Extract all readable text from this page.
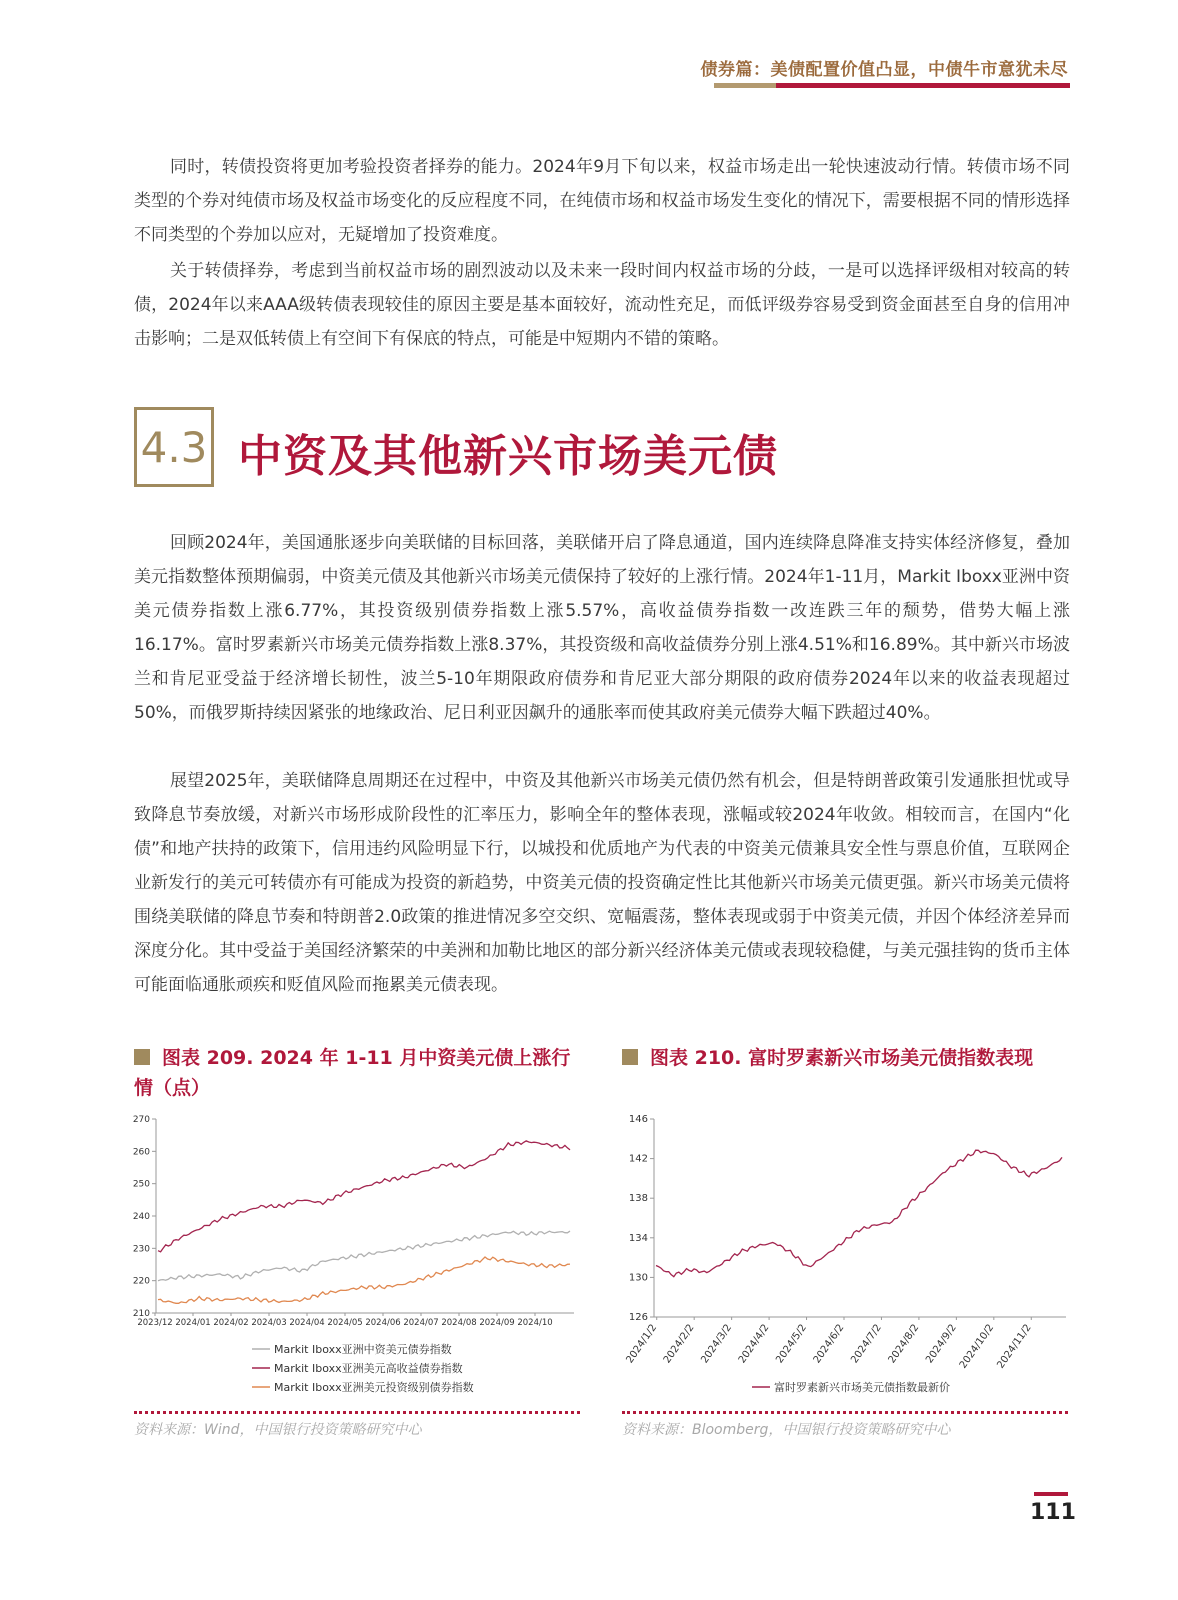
债券篇：美债配置价值凸显，中债牛市意犹未尽

同时，转债投资将更加考验投资者择券的能力。2024年9月下旬以来，权益市场走出一轮快速波动行情。转债市场不同类型的个券对纯债市场及权益市场变化的反应程度不同，在纯债市场和权益市场发生变化的情况下，需要根据不同的情形选择不同类型的个券加以应对，无疑增加了投资难度。

关于转债择券，考虑到当前权益市场的剧烈波动以及未来一段时间内权益市场的分歧，一是可以选择评级相对较高的转债，2024年以来AAA级转债表现较佳的原因主要是基本面较好，流动性充足，而低评级券容易受到资金面甚至自身的信用冲击影响；二是双低转债上有空间下有保底的特点，可能是中短期内不错的策略。

4.3 中资及其他新兴市场美元债

回顾2024年，美国通胀逐步向美联储的目标回落，美联储开启了降息通道，国内连续降息降准支持实体经济修复，叠加美元指数整体预期偏弱，中资美元债及其他新兴市场美元债保持了较好的上涨行情。2024年1-11月，Markit Iboxx亚洲中资美元债券指数上涨6.77%，其投资级别债券指数上涨5.57%，高收益债券指数一改连跌三年的颓势，借势大幅上涨16.17%。富时罗素新兴市场美元债券指数上涨8.37%，其投资级和高收益债券分别上涨4.51%和16.89%。其中新兴市场波兰和肯尼亚受益于经济增长韧性，波兰5-10年期限政府债券和肯尼亚大部分期限的政府债券2024年以来的收益表现超过50%，而俄罗斯持续因紧张的地缘政治、尼日利亚因飙升的通胀率而使其政府美元债券大幅下跌超过40%。

展望2025年，美联储降息周期还在过程中，中资及其他新兴市场美元债仍然有机会，但是特朗普政策引发通胀担忧或导致降息节奏放缓，对新兴市场形成阶段性的汇率压力，影响全年的整体表现，涨幅或较2024年收敛。相较而言，在国内“化债”和地产扶持的政策下，信用违约风险明显下行，以城投和优质地产为代表的中资美元债兼具安全性与票息价值，互联网企业新发行的美元可转债亦有可能成为投资的新趋势，中资美元债的投资确定性比其他新兴市场美元债更强。新兴市场美元债将围绕美联储的降息节奏和特朗普2.0政策的推进情况多空交织、宽幅震荡，整体表现或弱于中资美元债，并因个体经济差异而深度分化。其中受益于美国经济繁荣的中美洲和加勒比地区的部分新兴经济体美元债或表现较稳健，与美元强挂钩的货币主体可能面临通胀顽疾和贬值风险而拖累美元债表现。

图表 209. 2024 年 1-11 月中资美元债上涨行
情（点）
210
220
230
240
250
260
270
2023/12 2024/01 2024/02 2024/03 2024/04 2024/05 2024/06 2024/07 2024/08 2024/09 2024/10
Markit Iboxx亚洲中资美元债券指数
Markit Iboxx亚洲美元高收益债券指数
Markit Iboxx亚洲美元投资级别债券指数
资料来源：Wind，中国银行投资策略研究中心
图表 210. 富时罗素新兴市场美元债指数表现
126
130
134
138
142
146
2024/1/2 2024/2/2 2024/3/2 2024/4/2 2024/5/2 2024/6/2 2024/7/2 2024/8/2 2024/9/2 2024/10/2 2024/11/2
富时罗素新兴市场美元债指数最新价
资料来源：Bloomberg，中国银行投资策略研究中心
111
